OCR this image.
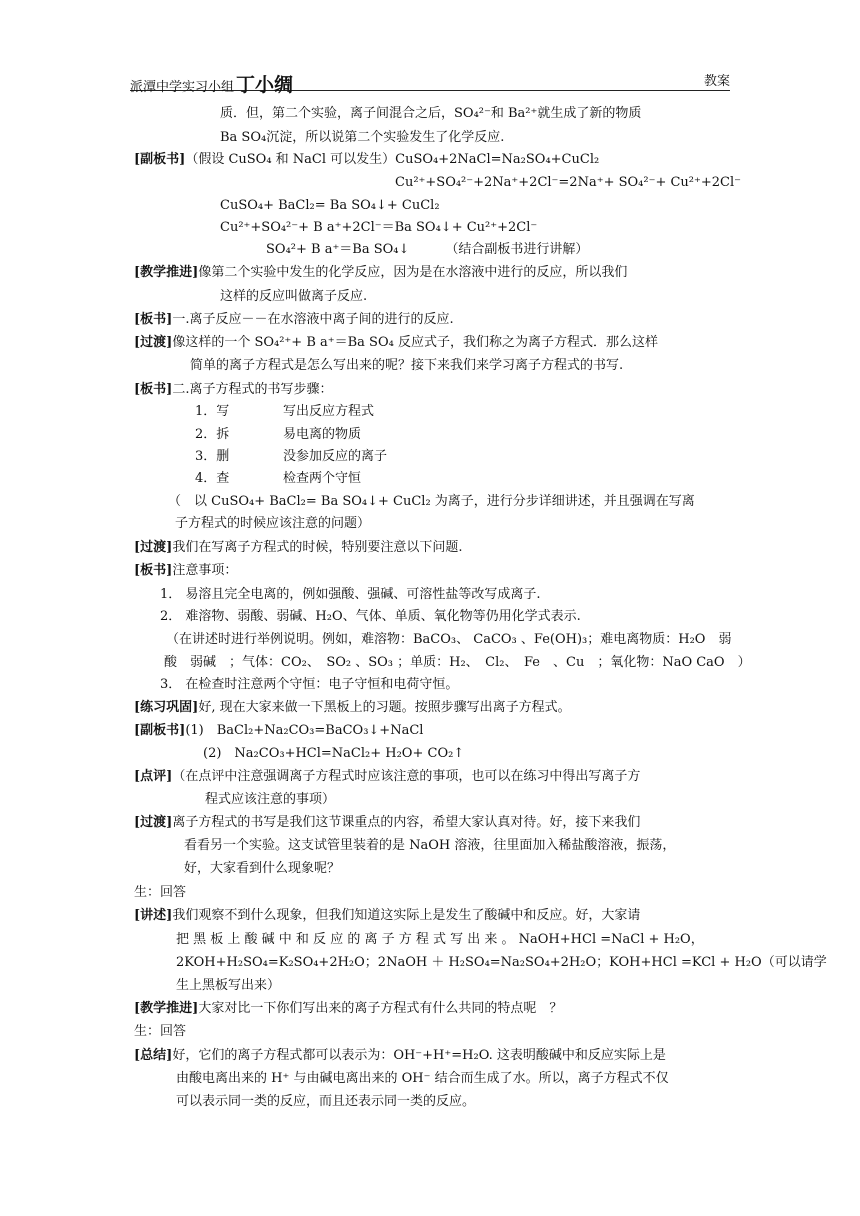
派潭中学实习小组 丁小绸	教案
质．但，第二个实验，离子间混合之后，SO₄²⁻和 Ba²⁺就生成了新的物质
Ba SO₄沉淀，所以说第二个实验发生了化学反应.
[副板书]（假设 CuSO₄ 和 NaCl 可以发生）CuSO₄+2NaCl=Na₂SO₄+CuCl₂
Cu²⁺+SO₄²⁻+2Na⁺+2Cl⁻=2Na⁺+ SO₄²⁻+ Cu²⁺+2Cl⁻
CuSO₄+ BaCl₂= Ba SO₄↓+ CuCl₂
Cu²⁺+SO₄²⁻+ B a⁺+2Cl⁻＝Ba SO₄↓+ Cu²⁺+2Cl⁻
SO₄²+ B a⁺＝Ba SO₄↓	（结合副板书进行讲解）
[教学推进]像第二个实验中发生的化学反应，因为是在水溶液中进行的反应，所以我们
这样的反应叫做离子反应.
[板书]一.离子反应－－在水溶液中离子间的进行的反应.
[过渡]像这样的一个 SO₄²⁺+ B a⁺＝Ba SO₄ 反应式子，我们称之为离子方程式．那么这样
简单的离子方程式是怎么写出来的呢？接下来我们来学习离子方程式的书写.
[板书]二.离子方程式的书写步骤：
1．写	写出反应方程式
2．拆	易电离的物质
3．删	没参加反应的离子
4．查	检查两个守恒
（　以 CuSO₄+ BaCl₂= Ba SO₄↓+ CuCl₂ 为离子，进行分步详细讲述，并且强调在写离
子方程式的时候应该注意的问题）
[过渡]我们在写离子方程式的时候，特别要注意以下问题.
[板书]注意事项：
1． 易溶且完全电离的，例如强酸、强碱、可溶性盐等改写成离子.
2． 难溶物、弱酸、弱碱、H₂O、气体、单质、氧化物等仍用化学式表示.
（在讲述时进行举例说明。例如，难溶物：BaCO₃、 CaCO₃ 、Fe(OH)₃；难电离物质：H₂O　弱
酸　弱碱　；气体：CO₂、　SO₂ 、SO₃ ；单质：H₂、　Cl₂、　Fe　、Cu　；氧化物：NaO CaO　）
3． 在检查时注意两个守恒：电子守恒和电荷守恒。
[练习巩固]好, 现在大家来做一下黑板上的习题。按照步骤写出离子方程式。
[副板书](1)　BaCl₂+Na₂CO₃=BaCO₃↓+NaCl
(2)　Na₂CO₃+HCl=NaCl₂+ H₂O+ CO₂↑
[点评]（在点评中注意强调离子方程式时应该注意的事项，也可以在练习中得出写离子方
程式应该注意的事项）
[过渡]离子方程式的书写是我们这节课重点的内容，希望大家认真对待。好，接下来我们
看看另一个实验。这支试管里装着的是 NaOH 溶液，往里面加入稀盐酸溶液，振荡，
好，大家看到什么现象呢？
生：回答
[讲述]我们观察不到什么现象，但我们知道这实际上是发生了酸碱中和反应。好，大家请
把 黑 板 上 酸 碱 中 和 反 应 的 离 子 方 程 式 写 出 来 。 NaOH+HCl =NaCl + H₂O，
2KOH+H₂SO₄=K₂SO₄+2H₂O；2NaOH ＋ H₂SO₄=Na₂SO₄+2H₂O；KOH+HCl =KCl + H₂O（可以请学
生上黑板写出来）
[教学推进]大家对比一下你们写出来的离子方程式有什么共同的特点呢　？
生：回答
[总结]好，它们的离子方程式都可以表示为：OH⁻+H⁺=H₂O. 这表明酸碱中和反应实际上是
由酸电离出来的 H⁺ 与由碱电离出来的 OH⁻ 结合而生成了水。所以，离子方程式不仅
可以表示同一类的反应，而且还表示同一类的反应。
